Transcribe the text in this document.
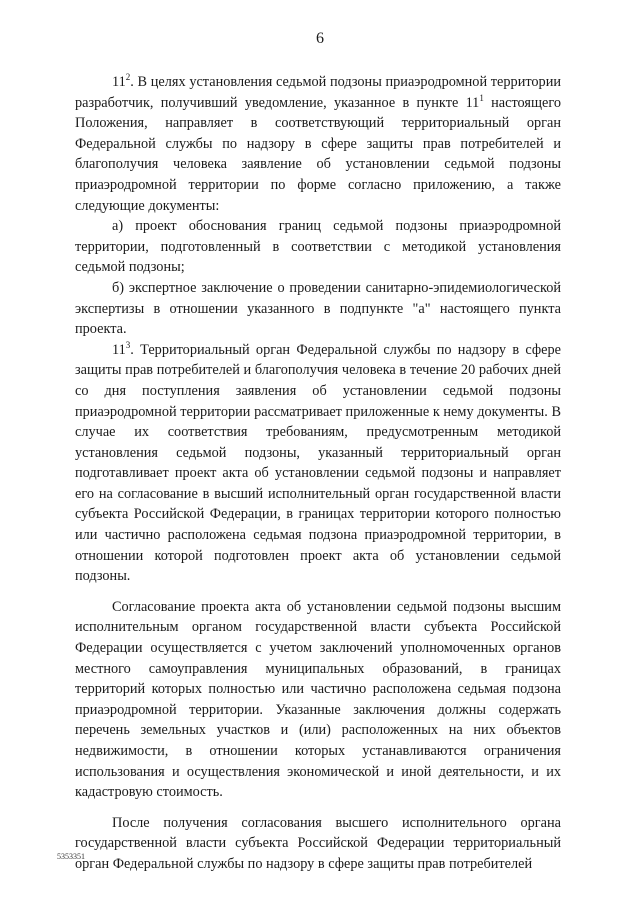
6

$11^2$. В целях установления седьмой подзоны приаэродромной территории разработчик, получивший уведомление, указанное в пункте $11^1$ настоящего Положения, направляет в соответствующий территориальный орган Федеральной службы по надзору в сфере защиты прав потребителей и благополучия человека заявление об установлении седьмой подзоны приаэродромной территории по форме согласно приложению, а также следующие документы:

а) проект обоснования границ седьмой подзоны приаэродромной территории, подготовленный в соответствии с методикой установления седьмой подзоны;

б) экспертное заключение о проведении санитарно-эпидемиологической экспертизы в отношении указанного в подпункте "а" настоящего пункта проекта.

$11^3$. Территориальный орган Федеральной службы по надзору в сфере защиты прав потребителей и благополучия человека в течение 20 рабочих дней со дня поступления заявления об установлении седьмой подзоны приаэродромной территории рассматривает приложенные к нему документы. В случае их соответствия требованиям, предусмотренным методикой установления седьмой подзоны, указанный территориальный орган подготавливает проект акта об установлении седьмой подзоны и направляет его на согласование в высший исполнительный орган государственной власти субъекта Российской Федерации, в границах территории которого полностью или частично расположена седьмая подзона приаэродромной территории, в отношении которой подготовлен проект акта об установлении седьмой подзоны.

Согласование проекта акта об установлении седьмой подзоны высшим исполнительным органом государственной власти субъекта Российской Федерации осуществляется с учетом заключений уполномоченных органов местного самоуправления муниципальных образований, в границах территорий которых полностью или частично расположена седьмая подзона приаэродромной территории. Указанные заключения должны содержать перечень земельных участков и (или) расположенных на них объектов недвижимости, в отношении которых устанавливаются ограничения использования и осуществления экономической и иной деятельности, и их кадастровую стоимость.

После получения согласования высшего исполнительного органа государственной власти субъекта Российской Федерации территориальный орган Федеральной службы по надзору в сфере защиты прав потребителей

5353351
